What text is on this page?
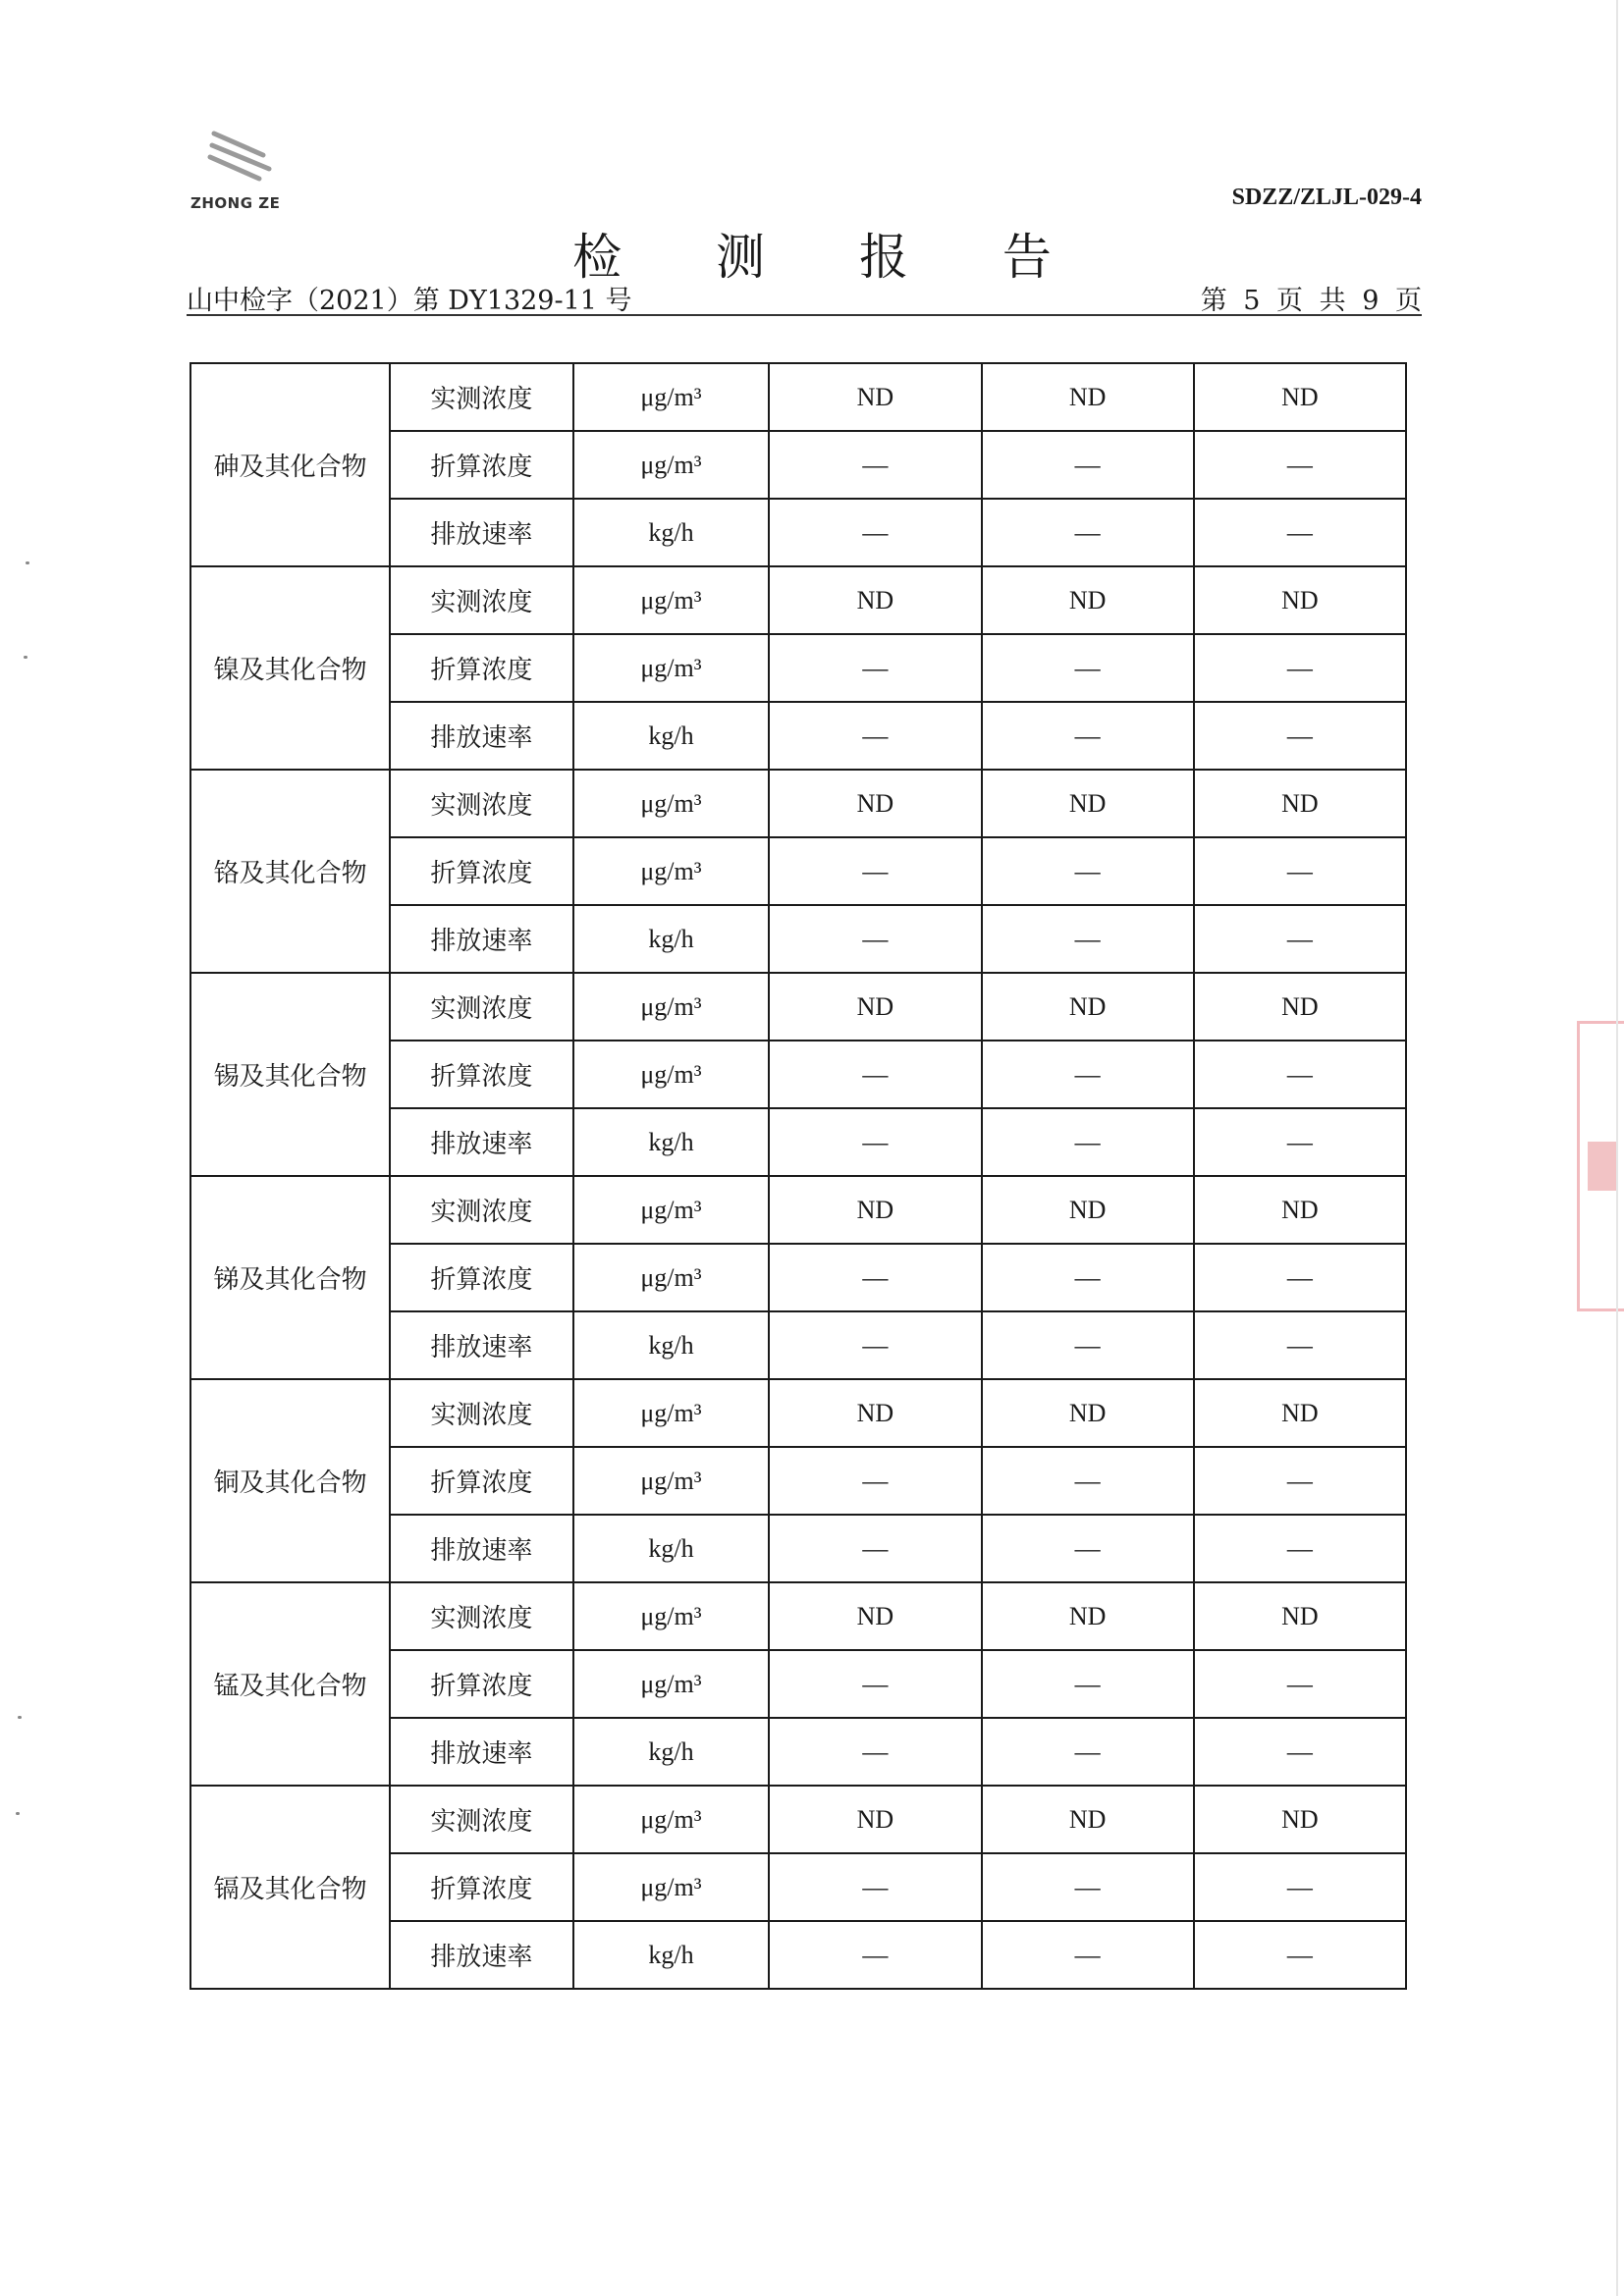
ZHONG ZE	SDZZ/ZLJL-029-4
检 测 报 告
山中检字（2021）第 DY1329-11 号	第 5 页 共 9 页
砷及其化合物	实测浓度	μg/m³	ND	ND	ND
	折算浓度	μg/m³	—	—	—
	排放速率	kg/h	—	—	—
镍及其化合物	实测浓度	μg/m³	ND	ND	ND
	折算浓度	μg/m³	—	—	—
	排放速率	kg/h	—	—	—
铬及其化合物	实测浓度	μg/m³	ND	ND	ND
	折算浓度	μg/m³	—	—	—
	排放速率	kg/h	—	—	—
锡及其化合物	实测浓度	μg/m³	ND	ND	ND
	折算浓度	μg/m³	—	—	—
	排放速率	kg/h	—	—	—
锑及其化合物	实测浓度	μg/m³	ND	ND	ND
	折算浓度	μg/m³	—	—	—
	排放速率	kg/h	—	—	—
铜及其化合物	实测浓度	μg/m³	ND	ND	ND
	折算浓度	μg/m³	—	—	—
	排放速率	kg/h	—	—	—
锰及其化合物	实测浓度	μg/m³	ND	ND	ND
	折算浓度	μg/m³	—	—	—
	排放速率	kg/h	—	—	—
镉及其化合物	实测浓度	μg/m³	ND	ND	ND
	折算浓度	μg/m³	—	—	—
	排放速率	kg/h	—	—	—
